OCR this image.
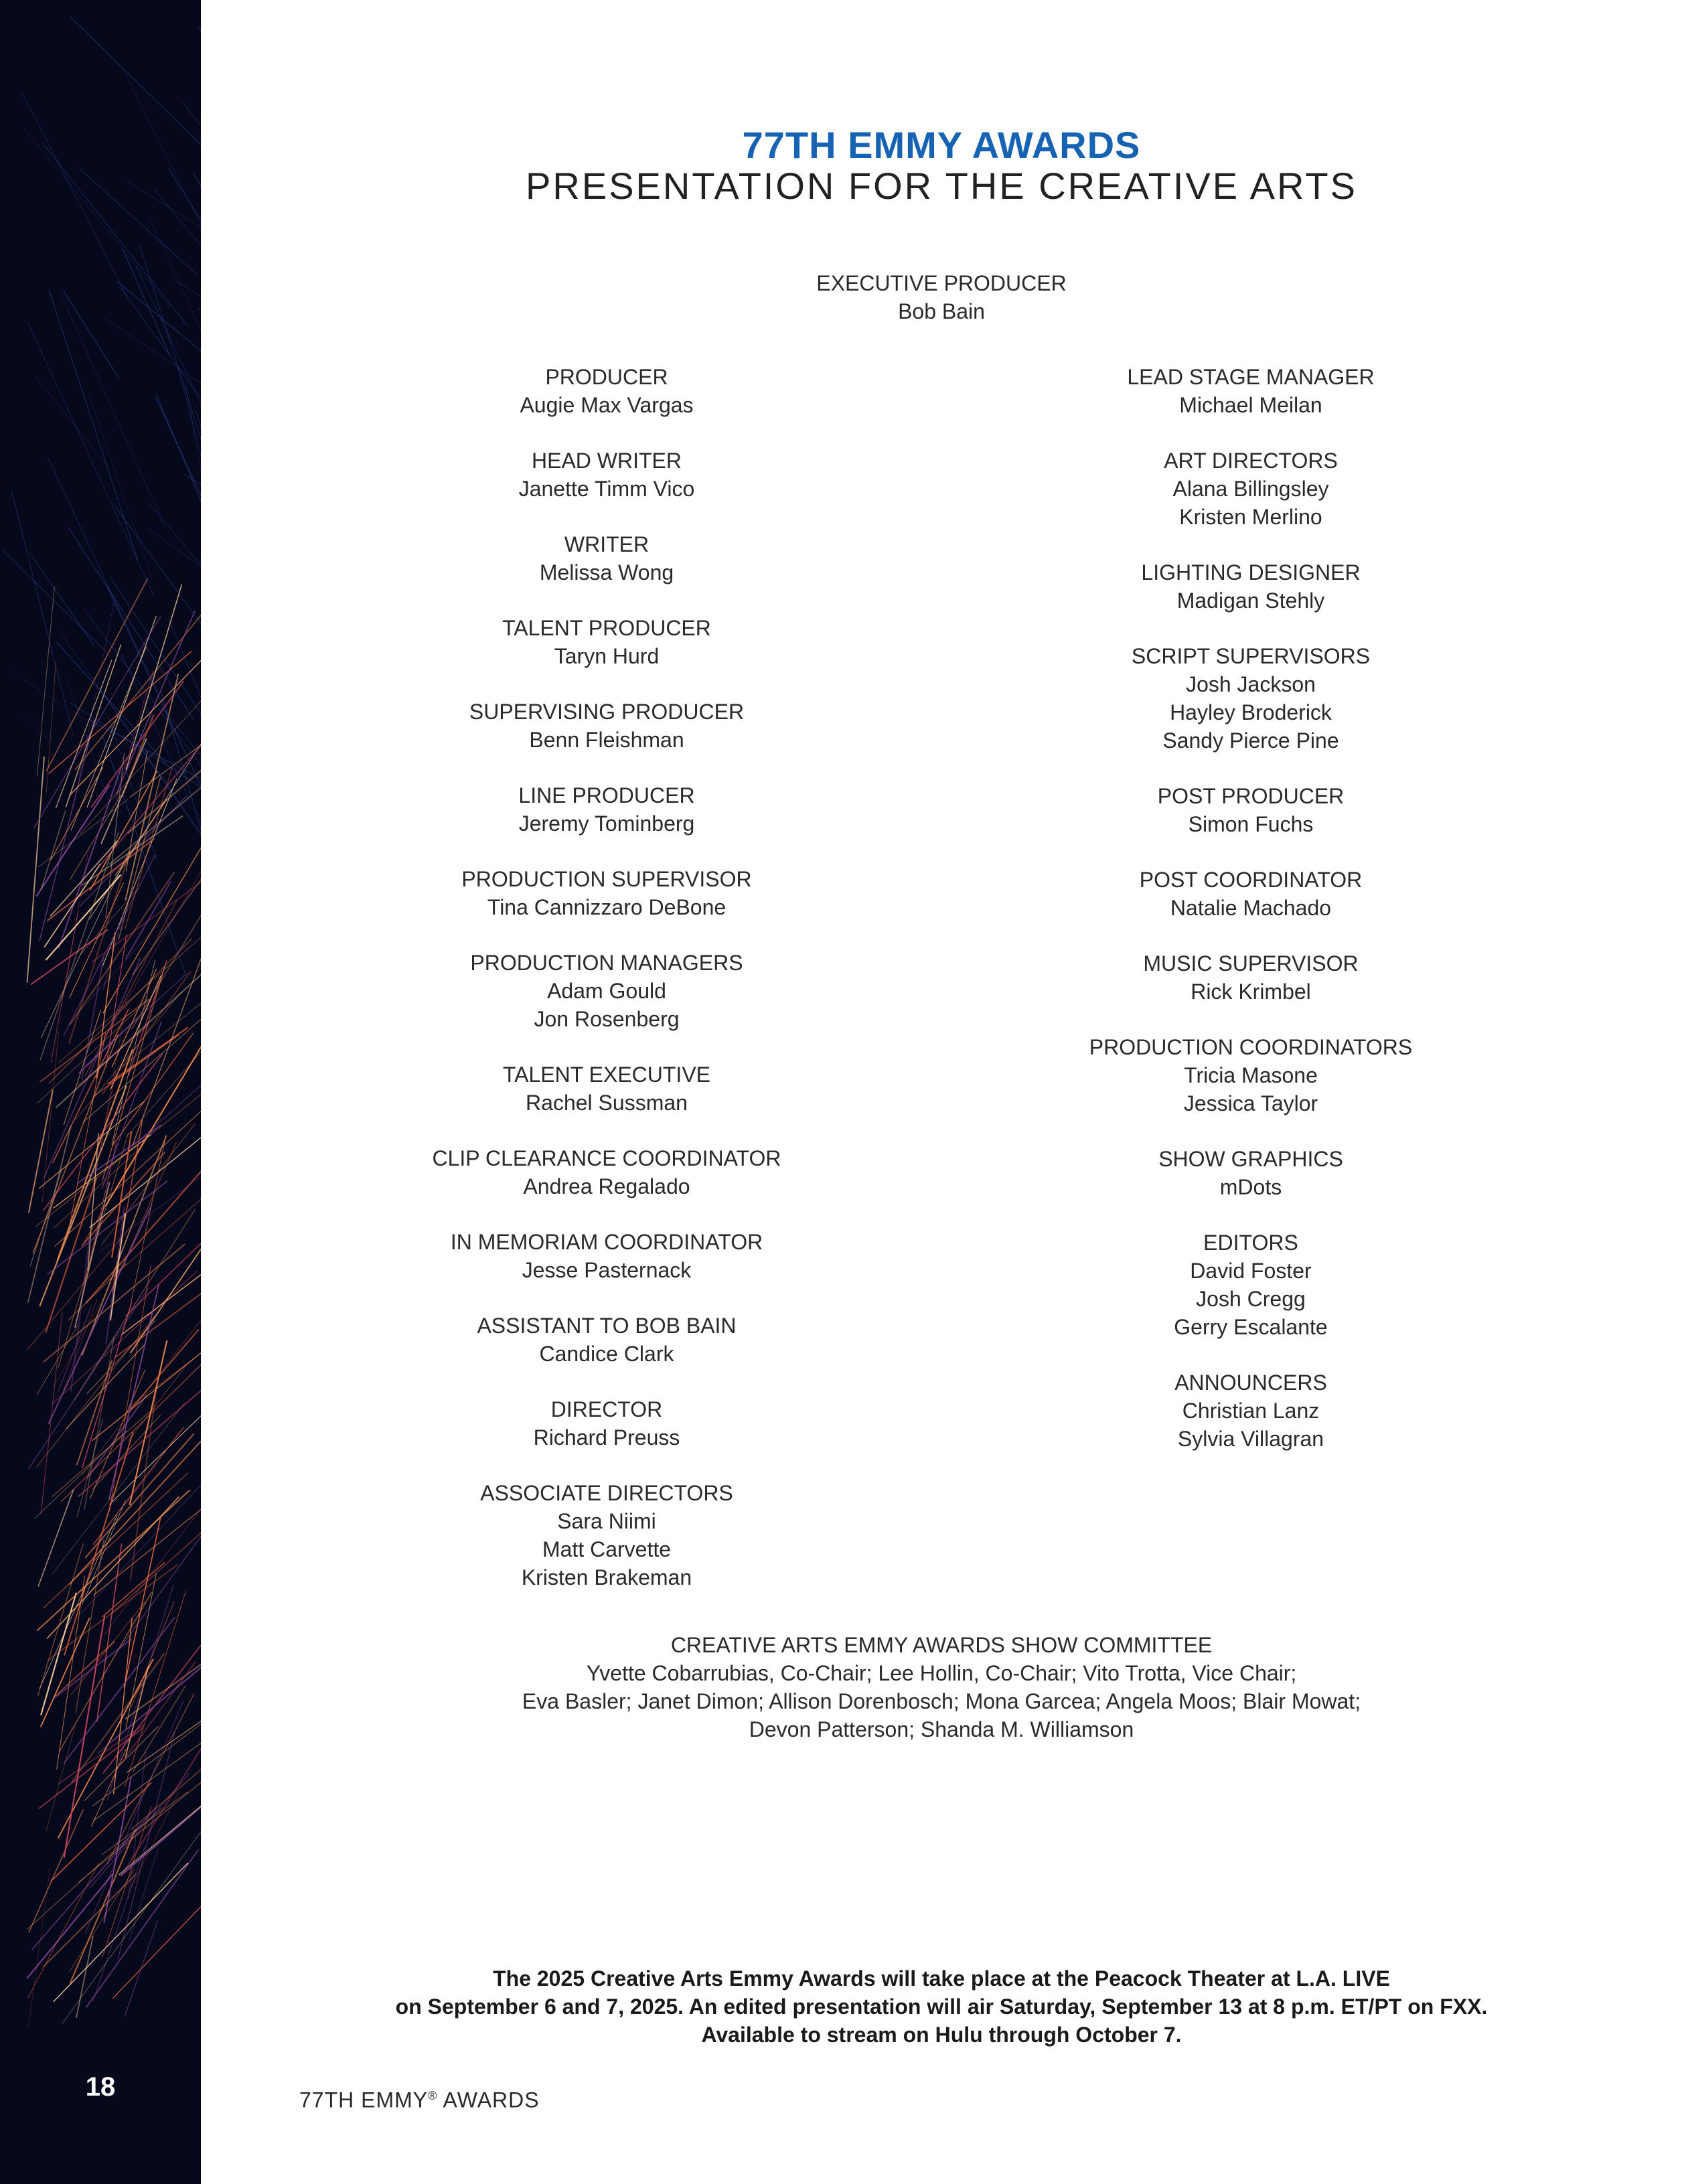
18
77TH EMMY AWARDS
PRESENTATION FOR THE CREATIVE ARTS
EXECUTIVE PRODUCER
Bob Bain
PRODUCER
Augie Max Vargas
HEAD WRITER
Janette Timm Vico
WRITER
Melissa Wong
TALENT PRODUCER
Taryn Hurd
SUPERVISING PRODUCER
Benn Fleishman
LINE PRODUCER
Jeremy Tominberg
PRODUCTION SUPERVISOR
Tina Cannizzaro DeBone
PRODUCTION MANAGERS
Adam Gould
Jon Rosenberg
TALENT EXECUTIVE
Rachel Sussman
CLIP CLEARANCE COORDINATOR
Andrea Regalado
IN MEMORIAM COORDINATOR
Jesse Pasternack
ASSISTANT TO BOB BAIN
Candice Clark
DIRECTOR
Richard Preuss
ASSOCIATE DIRECTORS
Sara Niimi
Matt Carvette
Kristen Brakeman
LEAD STAGE MANAGER
Michael Meilan
ART DIRECTORS
Alana Billingsley
Kristen Merlino
LIGHTING DESIGNER
Madigan Stehly
SCRIPT SUPERVISORS
Josh Jackson
Hayley Broderick
Sandy Pierce Pine
POST PRODUCER
Simon Fuchs
POST COORDINATOR
Natalie Machado
MUSIC SUPERVISOR
Rick Krimbel
PRODUCTION COORDINATORS
Tricia Masone
Jessica Taylor
SHOW GRAPHICS
mDots
EDITORS
David Foster
Josh Cregg
Gerry Escalante
ANNOUNCERS
Christian Lanz
Sylvia Villagran
CREATIVE ARTS EMMY AWARDS SHOW COMMITTEE
Yvette Cobarrubias, Co-Chair; Lee Hollin, Co-Chair; Vito Trotta, Vice Chair;
Eva Basler; Janet Dimon; Allison Dorenbosch; Mona Garcea; Angela Moos; Blair Mowat;
Devon Patterson; Shanda M. Williamson
The 2025 Creative Arts Emmy Awards will take place at the Peacock Theater at L.A. LIVE
on September 6 and 7, 2025. An edited presentation will air Saturday, September 13 at 8 p.m. ET/PT on FXX.
Available to stream on Hulu through October 7.
77TH EMMY® AWARDS
